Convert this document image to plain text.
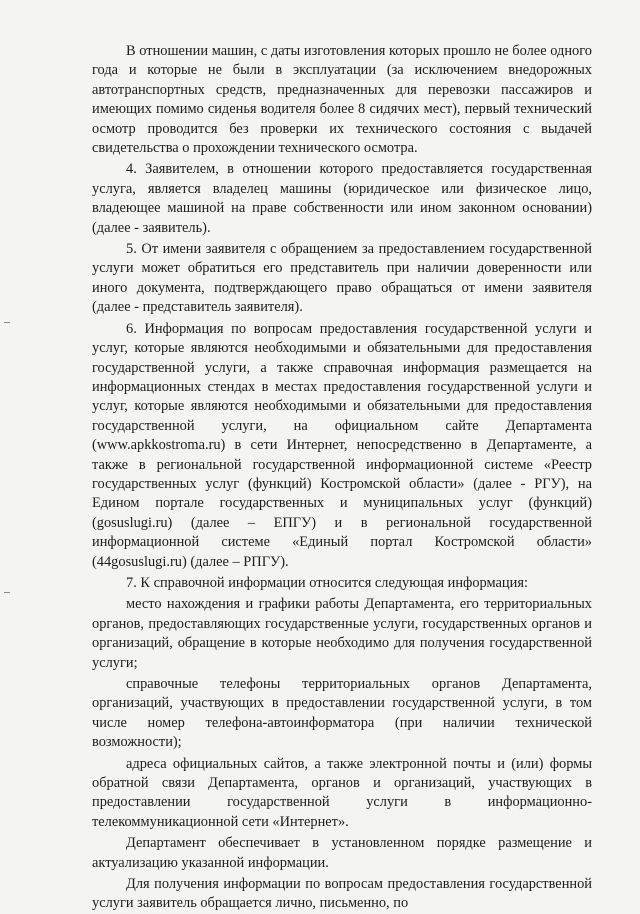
В отношении машин, с даты изготовления которых прошло не более одного года и которые не были в эксплуатации (за исключением внедорожных автотранспортных средств, предназначенных для перевозки пассажиров и имеющих помимо сиденья водителя более 8 сидячих мест), первый технический осмотр проводится без проверки их технического состояния с выдачей свидетельства о прохождении технического осмотра.

4. Заявителем, в отношении которого предоставляется государственная услуга, является владелец машины (юридическое или физическое лицо, владеющее машиной на праве собственности или ином законном основании) (далее - заявитель).

5. От имени заявителя с обращением за предоставлением государственной услуги может обратиться его представитель при наличии доверенности или иного документа, подтверждающего право обращаться от имени заявителя (далее - представитель заявителя).

6. Информация по вопросам предоставления государственной услуги и услуг, которые являются необходимыми и обязательными для предоставления государственной услуги, а также справочная информация размещается на информационных стендах в местах предоставления государственной услуги и услуг, которые являются необходимыми и обязательными для предоставления государственной услуги, на официальном сайте Департамента (www.apkkostroma.ru) в сети Интернет, непосредственно в Департаменте, а также в региональной государственной информационной системе «Реестр государственных услуг (функций) Костромской области» (далее - РГУ), на Едином портале государственных и муниципальных услуг (функций) (gosuslugi.ru) (далее – ЕПГУ) и в региональной государственной информационной системе «Единый портал Костромской области» (44gosuslugi.ru) (далее – РПГУ).

7. К справочной информации относится следующая информация:

место нахождения и графики работы Департамента, его территориальных органов, предоставляющих государственные услуги, государственных органов и организаций, обращение в которые необходимо для получения государственной услуги;

справочные телефоны территориальных органов Департамента, организаций, участвующих в предоставлении государственной услуги, в том числе номер телефона-автоинформатора (при наличии технической возможности);

адреса официальных сайтов, а также электронной почты и (или) формы обратной связи Департамента, органов и организаций, участвующих в предоставлении государственной услуги в информационно-телекоммуникационной сети «Интернет».

Департамент обеспечивает в установленном порядке размещение и актуализацию указанной информации.

Для получения информации по вопросам предоставления государственной услуги заявитель обращается лично, письменно, по
